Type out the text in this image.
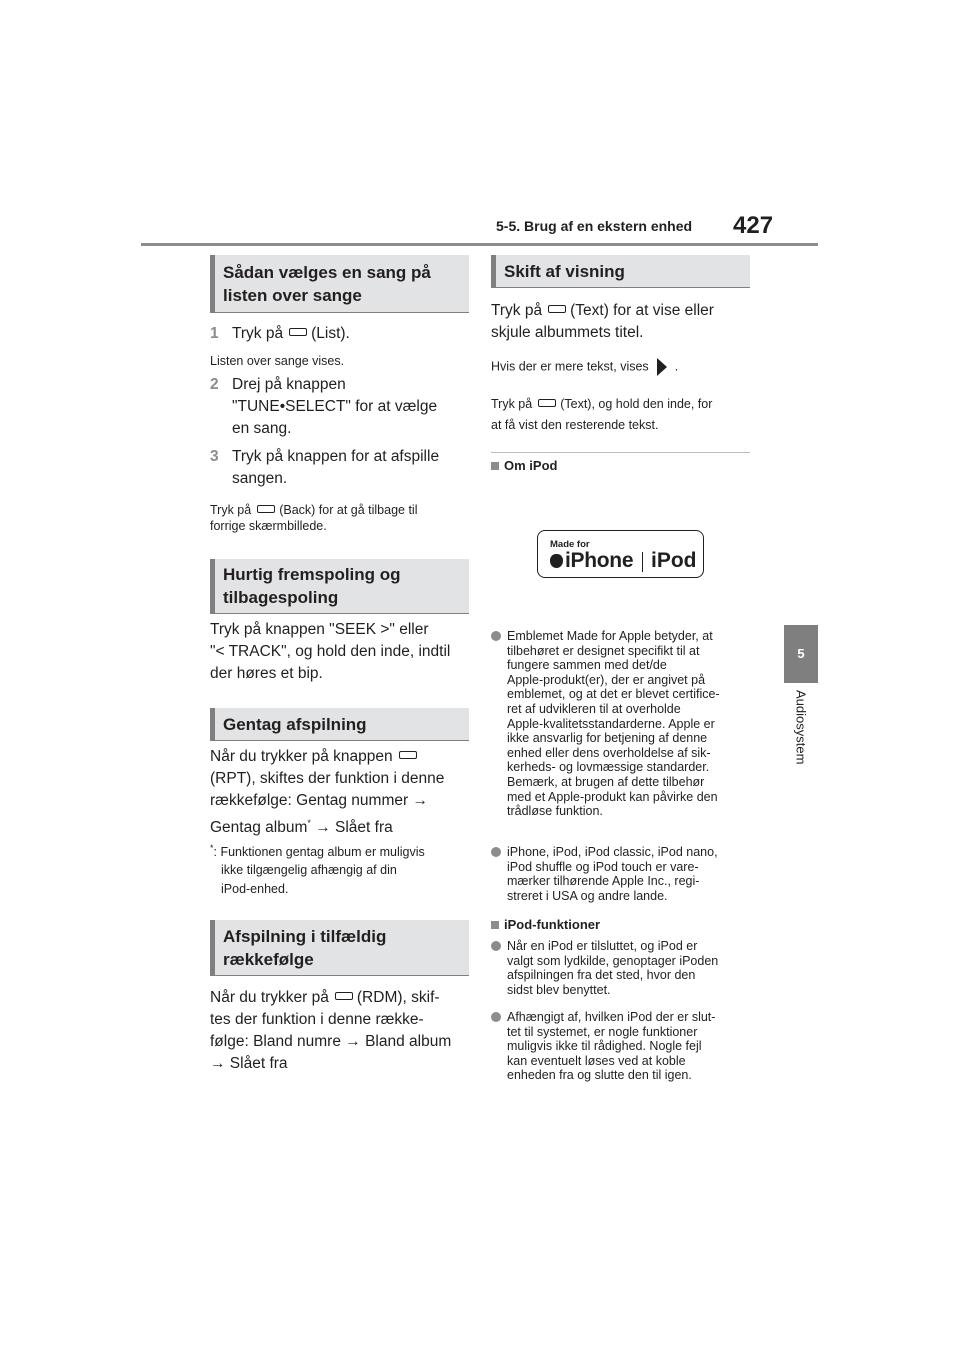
5-5. Brug af en ekstern enhed 427
5
Audiosystem
Sådan vælges en sang på
listen over sange
1 Tryk på (List).
Listen over sange vises.
2 Drej på knappen
"TUNE•SELECT" for at vælge
en sang.
3 Tryk på knappen for at afspille
sangen.
Tryk på (Back) for at gå tilbage til
forrige skærmbillede.
Hurtig fremspoling og
tilbagespoling
Tryk på knappen "SEEK >" eller
"< TRACK", og hold den inde, indtil
der høres et bip.
Gentag afspilning
Når du trykker på knappen
(RPT), skiftes der funktion i denne
rækkefølge: Gentag nummer →
Gentag album* → Slået fra
*: Funktionen gentag album er muligvis
ikke tilgængelig afhængig af din
iPod-enhed.
Afspilning i tilfældig
rækkefølge
Når du trykker på (RDM), skif-
tes der funktion i denne række-
følge: Bland numre → Bland album
→ Slået fra
Skift af visning
Tryk på (Text) for at vise eller
skjule albummets titel.
Hvis der er mere tekst, vises .
Tryk på (Text), og hold den inde, for
at få vist den resterende tekst.
Om iPod
Made for
iPhone iPod
Emblemet Made for Apple betyder, at
tilbehøret er designet specifikt til at
fungere sammen med det/de
Apple-produkt(er), der er angivet på
emblemet, og at det er blevet certifice-
ret af udvikleren til at overholde
Apple-kvalitetsstandarderne. Apple er
ikke ansvarlig for betjening af denne
enhed eller dens overholdelse af sik-
kerheds- og lovmæssige standarder.
Bemærk, at brugen af dette tilbehør
med et Apple-produkt kan påvirke den
trådløse funktion.
iPhone, iPod, iPod classic, iPod nano,
iPod shuffle og iPod touch er vare-
mærker tilhørende Apple Inc., regi-
streret i USA og andre lande.
iPod-funktioner
Når en iPod er tilsluttet, og iPod er
valgt som lydkilde, genoptager iPoden
afspilningen fra det sted, hvor den
sidst blev benyttet.
Afhængigt af, hvilken iPod der er slut-
tet til systemet, er nogle funktioner
muligvis ikke til rådighed. Nogle fejl
kan eventuelt løses ved at koble
enheden fra og slutte den til igen.
